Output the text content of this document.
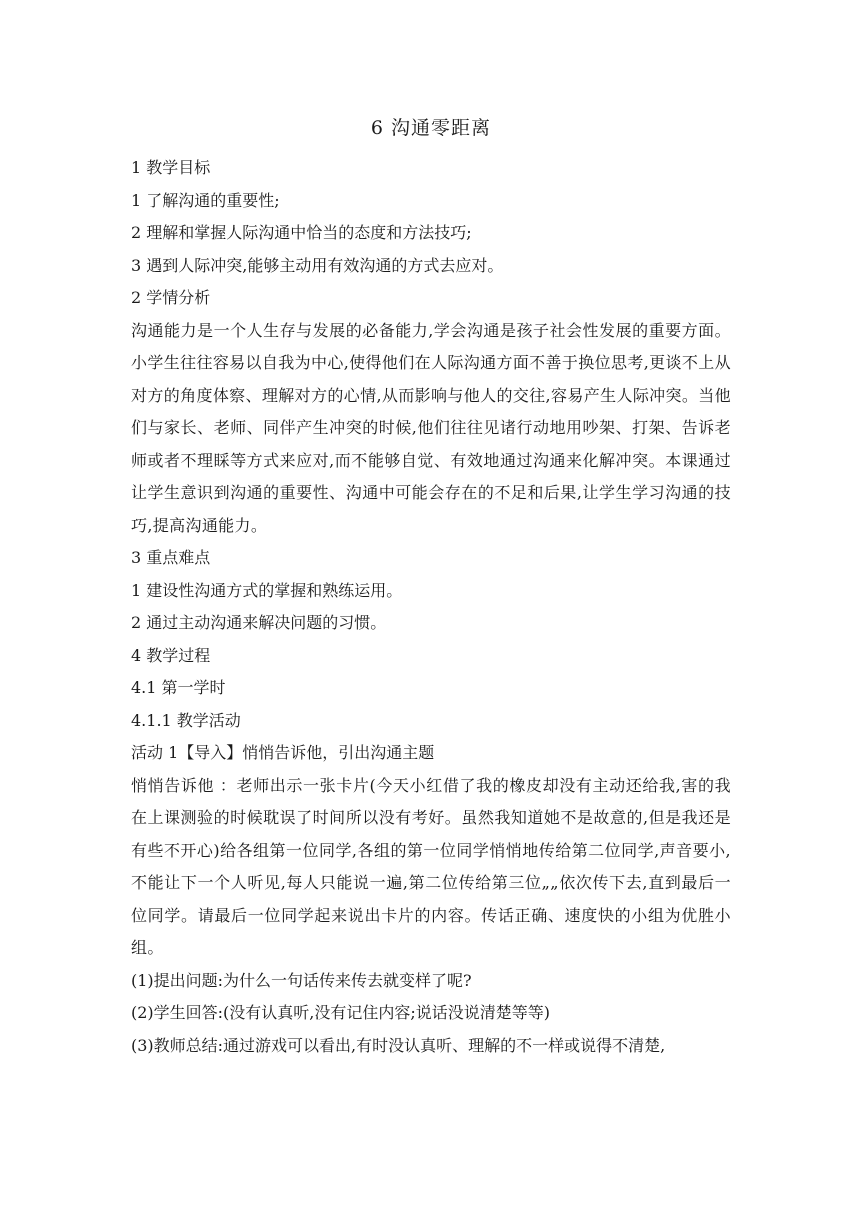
6 沟通零距离

1 教学目标

1 了解沟通的重要性;

2 理解和掌握人际沟通中恰当的态度和方法技巧;

3 遇到人际冲突,能够主动用有效沟通的方式去应对。

2 学情分析

沟通能力是一个人生存与发展的必备能力,学会沟通是孩子社会性发展的重要方面。小学生往往容易以自我为中心,使得他们在人际沟通方面不善于换位思考,更谈不上从对方的角度体察、理解对方的心情,从而影响与他人的交往,容易产生人际冲突。当他们与家长、老师、同伴产生冲突的时候,他们往往见诸行动地用吵架、打架、告诉老师或者不理睬等方式来应对,而不能够自觉、有效地通过沟通来化解冲突。本课通过让学生意识到沟通的重要性、沟通中可能会存在的不足和后果,让学生学习沟通的技巧,提高沟通能力。

3 重点难点

1 建设性沟通方式的掌握和熟练运用。

2 通过主动沟通来解决问题的习惯。

4 教学过程

4.1 第一学时

4.1.1 教学活动

活动 1【导入】悄悄告诉他，引出沟通主题

悄悄告诉他 ：老师出示一张卡片(今天小红借了我的橡皮却没有主动还给我,害的我在上课测验的时候耽误了时间所以没有考好。虽然我知道她不是故意的,但是我还是有些不开心)给各组第一位同学,各组的第一位同学悄悄地传给第二位同学,声音要小,不能让下一个人听见,每人只能说一遍,第二位传给第三位„„依次传下去,直到最后一位同学。请最后一位同学起来说出卡片的内容。传话正确、速度快的小组为优胜小组。

(1)提出问题:为什么一句话传来传去就变样了呢?

(2)学生回答:(没有认真听,没有记住内容;说话没说清楚等等)

(3)教师总结:通过游戏可以看出,有时没认真听、理解的不一样或说得不清楚,
